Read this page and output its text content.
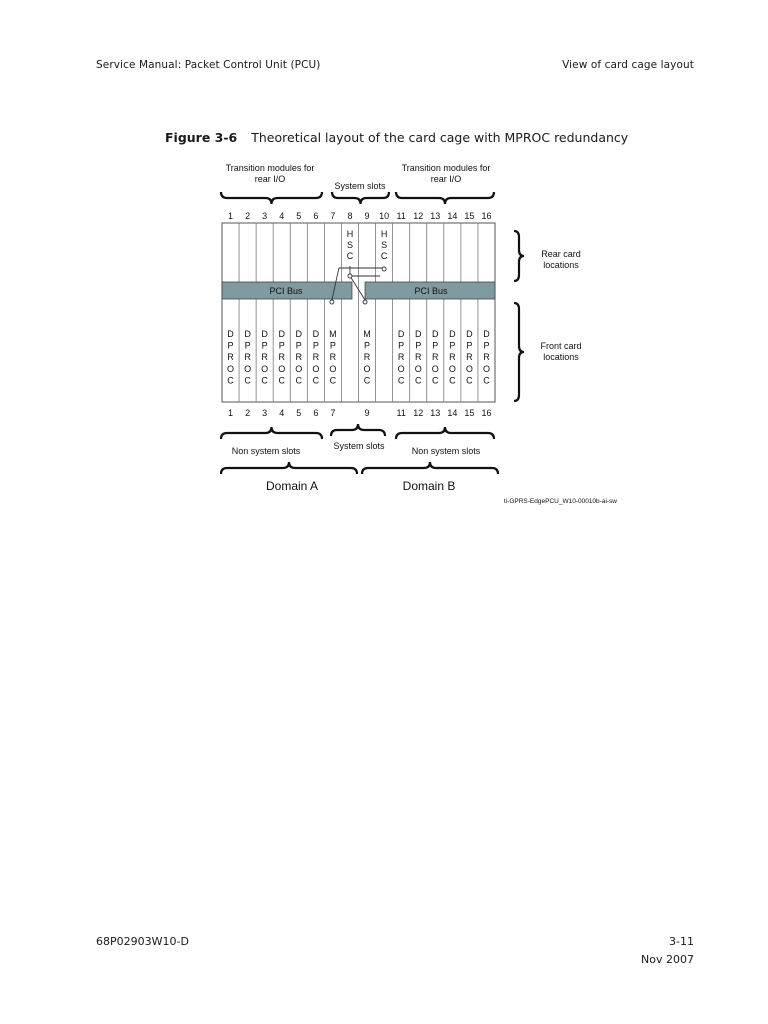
Service Manual: Packet Control Unit (PCU)	View of card cage layout
Figure 3-6 Theoretical layout of the card cage with MPROC redundancy
Transition modules for
rear I/O
System slots
Transition modules for
rear I/O
1 2 3 4 5 6 7 8 9 10 11 12 13 14 15 16
PCI Bus	PCI Bus
H
S
C
H
S
C
D
P
R
O
C
D
P
R
O
C
D
P
R
O
C
D
P
R
O
C
D
P
R
O
C
D
P
R
O
C
M
P
R
O
C
M
P
R
O
C
D
P
R
O
C
D
P
R
O
C
D
P
R
O
C
D
P
R
O
C
D
P
R
O
C
D
P
R
O
C
Rear card
locations
Front card
locations
1 2 3 4 5 6 7	9	11 12 13 14 15 16
System slots
Non system slots	Non system slots
Domain A	Domain B
ti-GPRS-EdgePCU_W10-00010b-ai-sw
68P02903W10-D	3-11
Nov 2007
